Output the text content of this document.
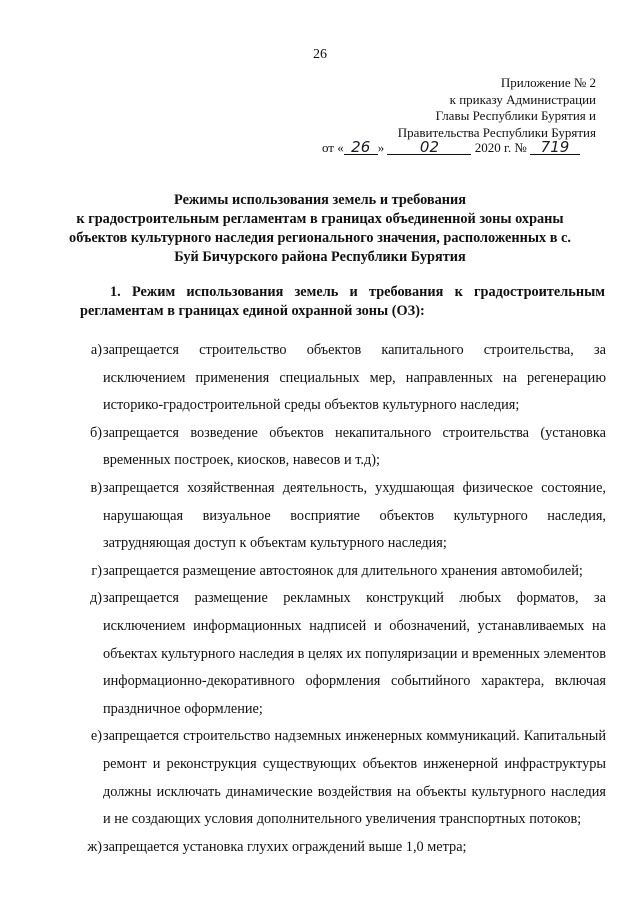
26
Приложение № 2
к приказу Администрации
Главы Республики Бурятия и
Правительства Республики Бурятия
от « 26 » 02	2020 г. № 719
Режимы использования земель и требования
к градостроительным регламентам в границах объединенной зоны охраны
объектов культурного наследия регионального значения, расположенных в с.
Буй Бичурского района Республики Бурятия

1. Режим использования земель и требования к градостроительным регламентам в границах единой охранной зоны (ОЗ):

а) запрещается строительство объектов капитального строительства, за исключением применения специальных мер, направленных на регенерацию историко-градостроительной среды объектов культурного наследия;
б) запрещается возведение объектов некапитального строительства (установка временных построек, киосков, навесов и т.д);
в) запрещается хозяйственная деятельность, ухудшающая физическое состояние, нарушающая визуальное восприятие объектов культурного наследия, затрудняющая доступ к объектам культурного наследия;
г) запрещается размещение автостоянок для длительного хранения автомобилей;
д) запрещается размещение рекламных конструкций любых форматов, за исключением информационных надписей и обозначений, устанавливаемых на объектах культурного наследия в целях их популяризации и временных элементов информационно-декоративного оформления событийного характера, включая праздничное оформление;
е) запрещается строительство надземных инженерных коммуникаций. Капитальный ремонт и реконструкция существующих объектов инженерной инфраструктуры должны исключать динамические воздействия на объекты культурного наследия и не создающих условия дополнительного увеличения транспортных потоков;
ж) запрещается установка глухих ограждений выше 1,0 метра;
